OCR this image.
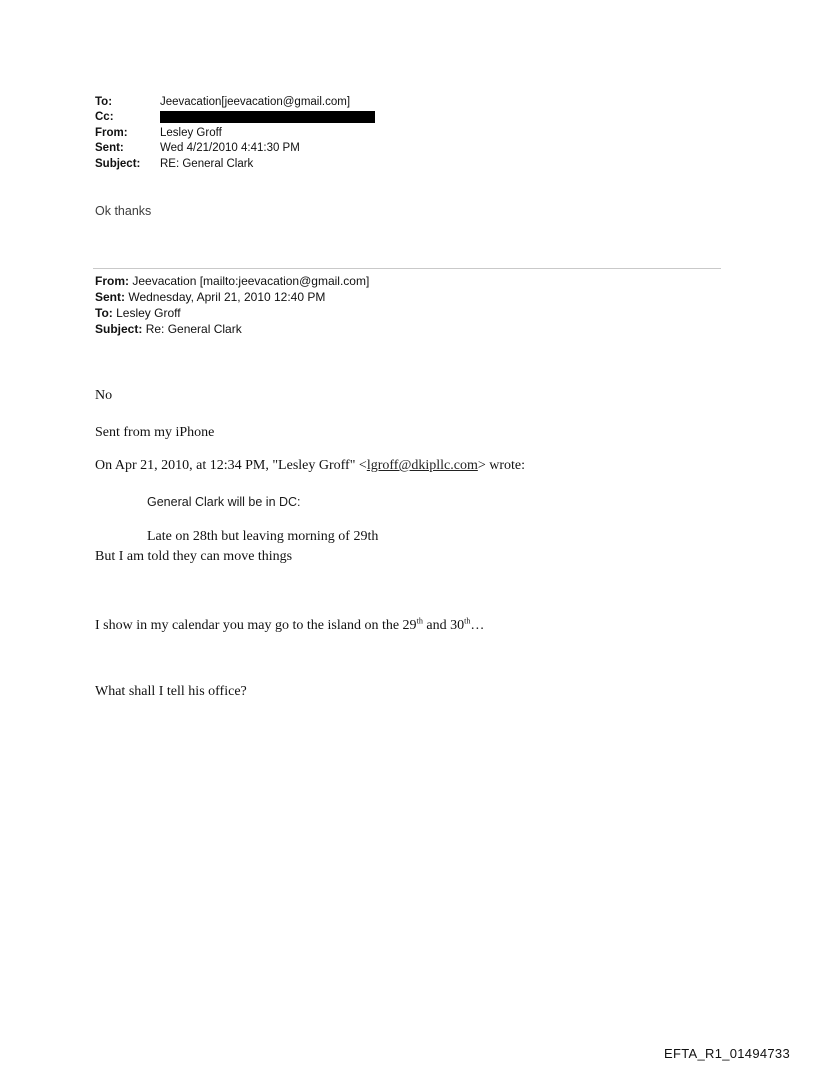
To:	Jeevacation[jeevacation@gmail.com]
Cc:
From:	Lesley Groff
Sent:	Wed 4/21/2010 4:41:30 PM
Subject:	RE: General Clark
Ok thanks
From: Jeevacation [mailto:jeevacation@gmail.com]
Sent: Wednesday, April 21, 2010 12:40 PM
To: Lesley Groff
Subject: Re: General Clark
No
Sent from my iPhone
On Apr 21, 2010, at 12:34 PM, "Lesley Groff" <lgroff@dkipllc.com> wrote:
General Clark will be in DC:
Late on 28th but leaving morning of 29th
But I am told they can move things
I show in my calendar you may go to the island on the 29th and 30th…
What shall I tell his office?
EFTA_R1_01494733
